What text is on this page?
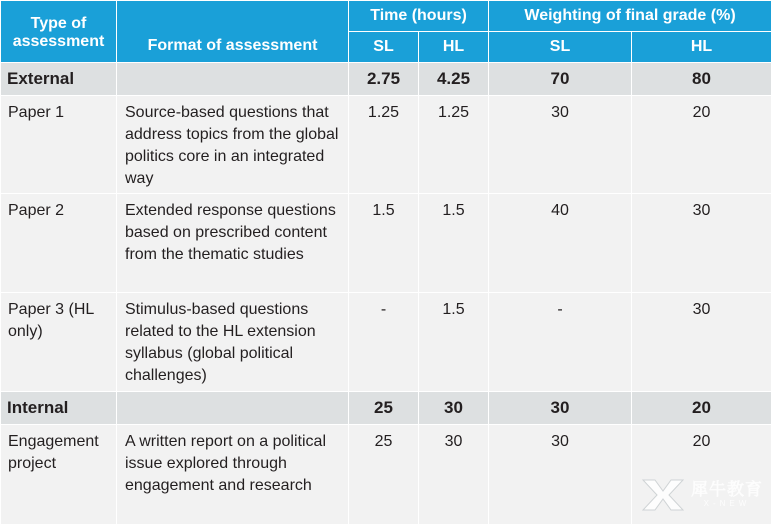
Type of assessment	Format of assessment	Time (hours)		Weighting of final grade (%)	
		SL	HL	SL	HL
External		2.75	4.25	70	80
Paper 1	Source-based questions that address topics from the global politics core in an integrated way	1.25	1.25	30	20
Paper 2	Extended response questions based on prescribed content from the thematic studies	1.5	1.5	40	30
Paper 3 (HL only)	Stimulus-based questions related to the HL extension syllabus (global political challenges)	-	1.5	-	30
Internal		25	30	30	20
Engagement project	A written report on a political issue explored through engagement and research	25	30	30	20
犀牛教育
X-NEW
